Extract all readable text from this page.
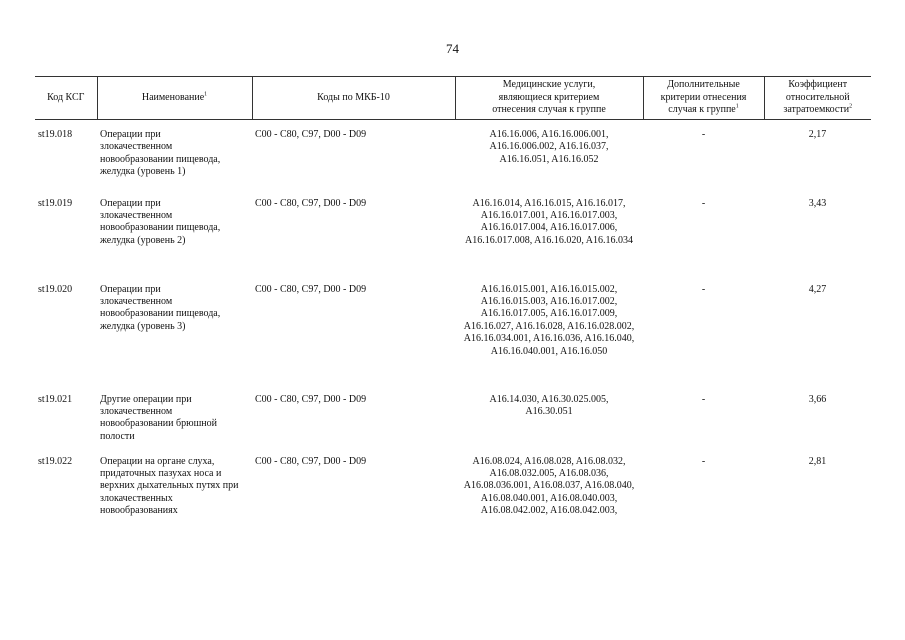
74
Код КСГ	Наименование$^1$	Коды по МКБ-10	Медицинские услуги, являющиеся критерием отнесения случая к группе	Дополнительные критерии отнесения случая к группе$^1$	Коэффициент относительной затратоемкости$^2$
st19.018	Операции при злокачественном новообразовании пищевода, желудка (уровень 1)	C00 - C80, C97, D00 - D09	A16.16.006, A16.16.006.001, A16.16.006.002, A16.16.037, A16.16.051, A16.16.052	-	2,17
st19.019	Операции при злокачественном новообразовании пищевода, желудка (уровень 2)	C00 - C80, C97, D00 - D09	A16.16.014, A16.16.015, A16.16.017, A16.16.017.001, A16.16.017.003, A16.16.017.004, A16.16.017.006, A16.16.017.008, A16.16.020, A16.16.034	-	3,43
st19.020	Операции при злокачественном новообразовании пищевода, желудка (уровень 3)	C00 - C80, C97, D00 - D09	A16.16.015.001, A16.16.015.002, A16.16.015.003, A16.16.017.002, A16.16.017.005, A16.16.017.009, A16.16.027, A16.16.028, A16.16.028.002, A16.16.034.001, A16.16.036, A16.16.040, A16.16.040.001, A16.16.050	-	4,27
st19.021	Другие операции при злокачественном новообразовании брюшной полости	C00 - C80, C97, D00 - D09	A16.14.030, A16.30.025.005, A16.30.051	-	3,66
st19.022	Операции на органе слуха, придаточных пазухах носа и верхних дыхательных путях при злокачественных новообразованиях	C00 - C80, C97, D00 - D09	A16.08.024, A16.08.028, A16.08.032, A16.08.032.005, A16.08.036, A16.08.036.001, A16.08.037, A16.08.040, A16.08.040.001, A16.08.040.003, A16.08.042.002, A16.08.042.003,	-	2,81
